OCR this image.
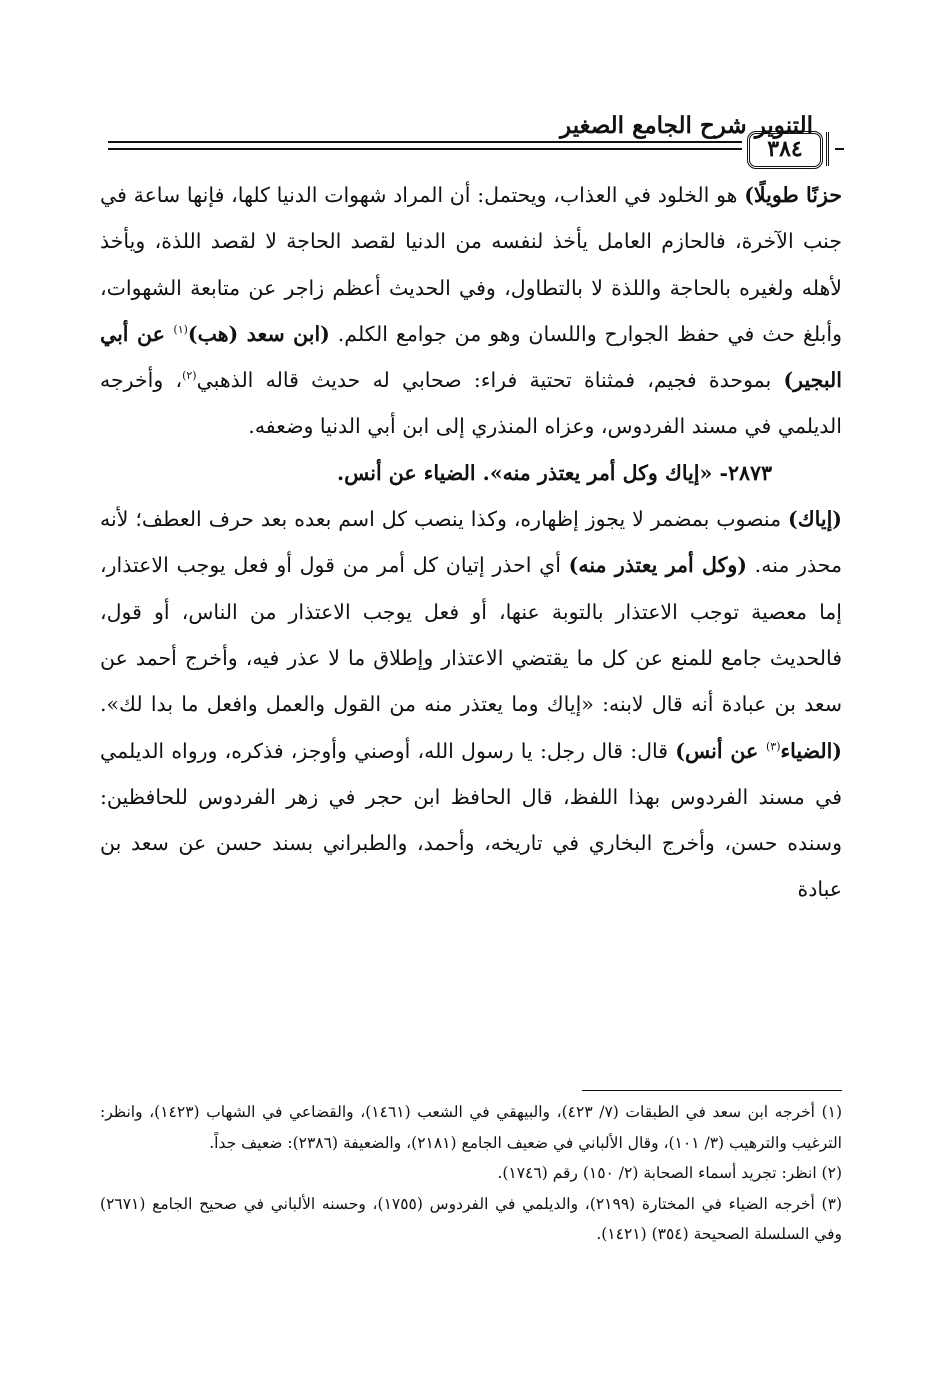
التنوير شرح الجامع الصغير
٣٨٤

حزنًا طويلًا) هو الخلود في العذاب، ويحتمل: أن المراد شهوات الدنيا كلها، فإنها ساعة في جنب الآخرة، فالحازم العامل يأخذ لنفسه من الدنيا لقصد الحاجة لا لقصد اللذة، ويأخذ لأهله ولغيره بالحاجة واللذة لا بالتطاول، وفي الحديث أعظم زاجر عن متابعة الشهوات، وأبلغ حث في حفظ الجوارح واللسان وهو من جوامع الكلم. (ابن سعد (هب)$^{(١)}$ عن أبي البجير) بموحدة فجيم، فمثناة تحتية فراء: صحابي له حديث قاله الذهبي$^{(٢)}$، وأخرجه الديلمي في مسند الفردوس، وعزاه المنذري إلى ابن أبي الدنيا وضعفه.

٢٨٧٣- «إياك وكل أمر يعتذر منه». الضياء عن أنس.

(إياك) منصوب بمضمر لا يجوز إظهاره، وكذا ينصب كل اسم بعده بعد حرف العطف؛ لأنه محذر منه. (وكل أمر يعتذر منه) أي احذر إتيان كل أمر من قول أو فعل يوجب الاعتذار، إما معصية توجب الاعتذار بالتوبة عنها، أو فعل يوجب الاعتذار من الناس، أو قول، فالحديث جامع للمنع عن كل ما يقتضي الاعتذار وإطلاق ما لا عذر فيه، وأخرج أحمد عن سعد بن عبادة أنه قال لابنه: «إياك وما يعتذر منه من القول والعمل وافعل ما بدا لك». (الضياء$^{(٣)}$ عن أنس) قال: قال رجل: يا رسول الله، أوصني وأوجز، فذكره، ورواه الديلمي في مسند الفردوس بهذا اللفظ، قال الحافظ ابن حجر في زهر الفردوس للحافظين: وسنده حسن، وأخرج البخاري في تاريخه، وأحمد، والطبراني بسند حسن عن سعد بن عبادة

(١) أخرجه ابن سعد في الطبقات (٧/ ٤٢٣)، والبيهقي في الشعب (١٤٦١)، والقضاعي في الشهاب (١٤٢٣)، وانظر: الترغيب والترهيب (٣/ ١٠١)، وقال الألباني في ضعيف الجامع (٢١٨١)، والضعيفة (٢٣٨٦): ضعيف جداً.

(٢) انظر: تجريد أسماء الصحابة (٢/ ١٥٠) رقم (١٧٤٦).

(٣) أخرجه الضياء في المختارة (٢١٩٩)، والديلمي في الفردوس (١٧٥٥)، وحسنه الألباني في صحيح الجامع (٢٦٧١) وفي السلسلة الصحيحة (٣٥٤) (١٤٢١).
